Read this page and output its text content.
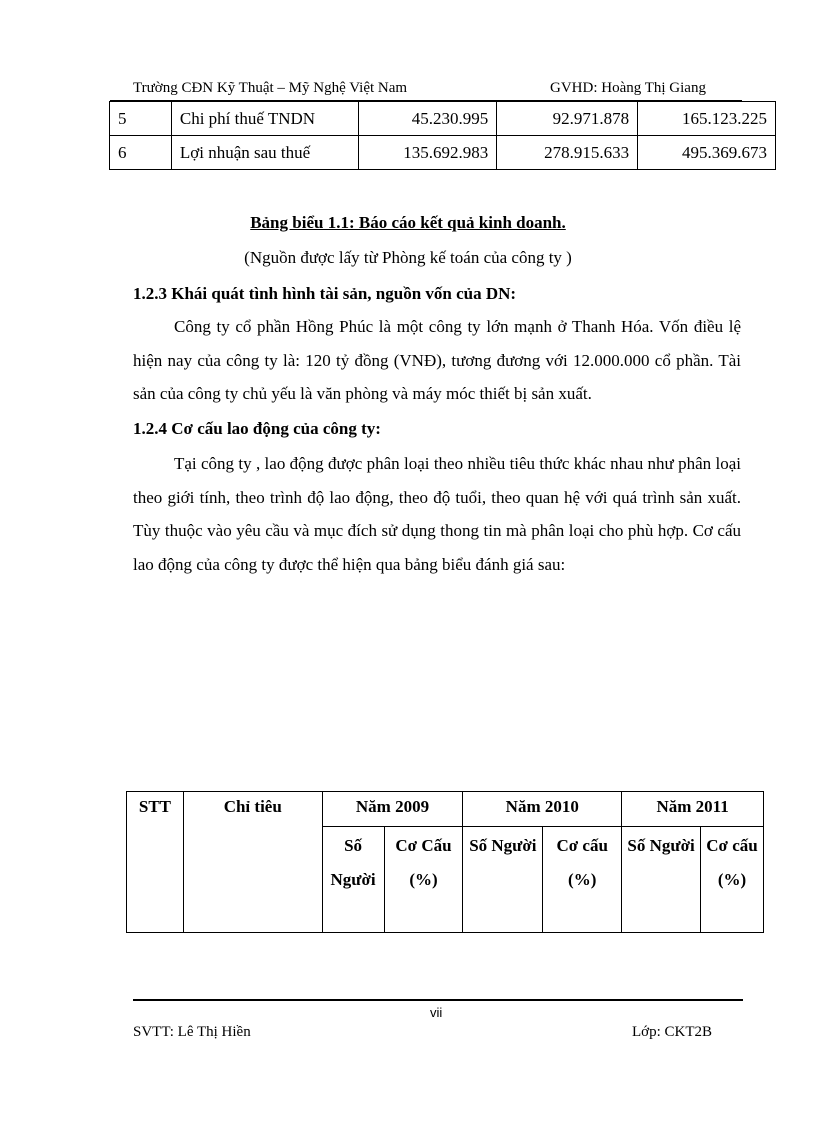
Trường CĐN Kỹ Thuật – Mỹ Nghệ Việt Nam	GVHD: Hoàng Thị Giang
5	Chi phí thuế TNDN	45.230.995	92.971.878	165.123.225
6	Lợi nhuận sau thuế	135.692.983	278.915.633	495.369.673
Bảng biểu 1.1: Báo cáo kết quả kinh doanh.
(Nguồn được lấy từ Phòng kế toán của công ty )
1.2.3 Khái quát tình hình tài sản, nguồn vốn của DN:

Công ty cổ phần Hồng Phúc là một công ty lớn mạnh ở Thanh Hóa. Vốn điều lệ hiện nay của công ty là: 120 tỷ đồng (VNĐ), tương đương với 12.000.000 cổ phần. Tài sản của công ty chủ yếu là văn phòng và máy móc thiết bị sản xuất.

1.2.4 Cơ cấu lao động của công ty:

Tại công ty , lao động được phân loại theo nhiều tiêu thức khác nhau như phân loại theo giới tính, theo trình độ lao động, theo độ tuổi, theo quan hệ với quá trình sản xuất. Tùy thuộc vào yêu cầu và mục đích sử dụng thong tin mà phân loại cho phù hợp. Cơ cấu lao động của công ty được thể hiện qua bảng biểu đánh giá sau:

STT	Chỉ tiêu	Năm 2009		Năm 2010		Năm 2011	
		Số Người	Cơ Cấu (%)	Số Người	Cơ cấu (%)	Số Người	Cơ cấu (%)
vii
SVTT: Lê Thị Hiền	Lớp: CKT2B
